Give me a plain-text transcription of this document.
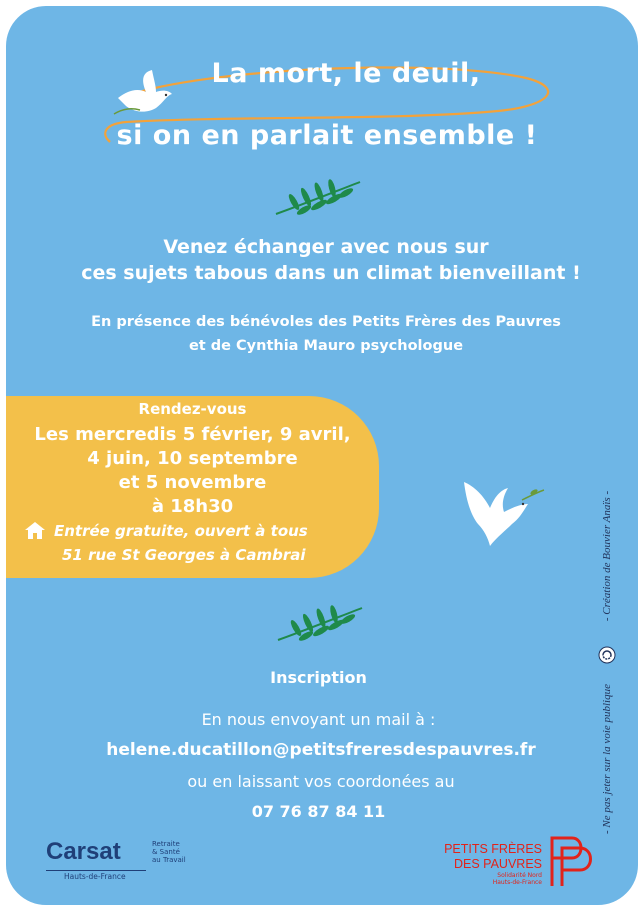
La mort, le deuil,
si on en parlait ensemble !
Venez échanger avec nous sur
ces sujets tabous dans un climat bienveillant !
En présence des bénévoles des Petits Frères des Pauvres
et de Cynthia Mauro psychologue
Rendez-vous
Les mercredis 5 février, 9 avril,
4 juin, 10 septembre
et 5 novembre
à 18h30
Entrée gratuite, ouvert à tous
51 rue St Georges à Cambrai
Inscription
En nous envoyant un mail à :
helene.ducatillon@petitsfreresdespauvres.fr
ou en laissant vos coordonées au
07 76 87 84 11
- Création de Bouvier Anaïs -
- Ne pas jeter sur la voie publique
Carsat	Retraite
& Santé
au Travail
Hauts-de-France
PETITS FRÈRES
DES PAUVRES
Solidarité Nord
Hauts-de-France
